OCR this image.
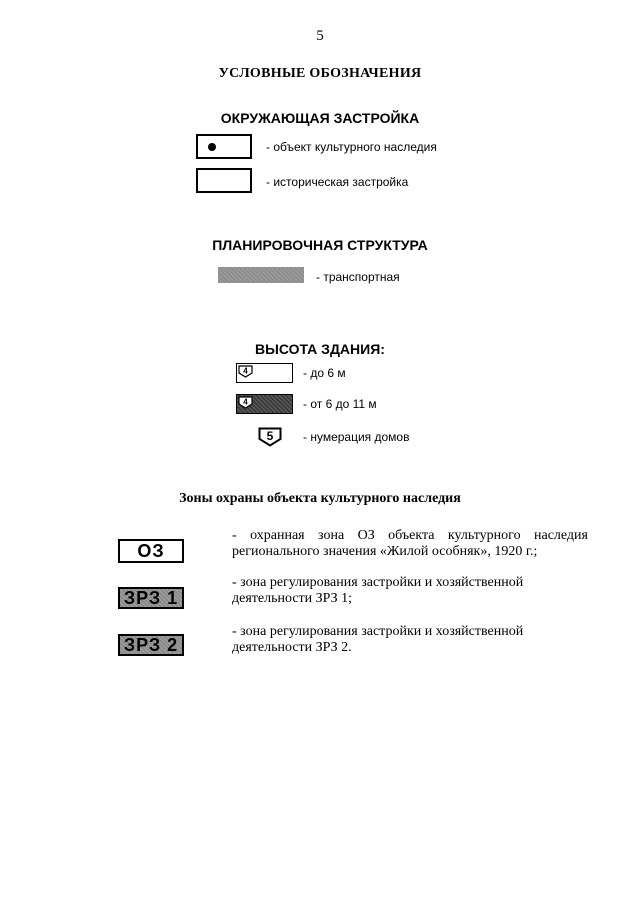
5
УСЛОВНЫЕ ОБОЗНАЧЕНИЯ
ОКРУЖАЮЩАЯ ЗАСТРОЙКА
- объект культурного наследия
- историческая застройка
ПЛАНИРОВОЧНАЯ СТРУКТУРА
- транспортная
ВЫСОТА ЗДАНИЯ:
4	- до 6 м
4	- от 6 до 11 м
5 - нумерация домов
Зоны охраны объекта культурного наследия
ОЗ
- охранная зона ОЗ объекта культурного наследия
регионального значения «Жилой особняк», 1920 г.;
ЗРЗ 1
- зона регулирования застройки и хозяйственной
деятельности ЗРЗ 1;
ЗРЗ 2
- зона регулирования застройки и хозяйственной
деятельности ЗРЗ 2.
